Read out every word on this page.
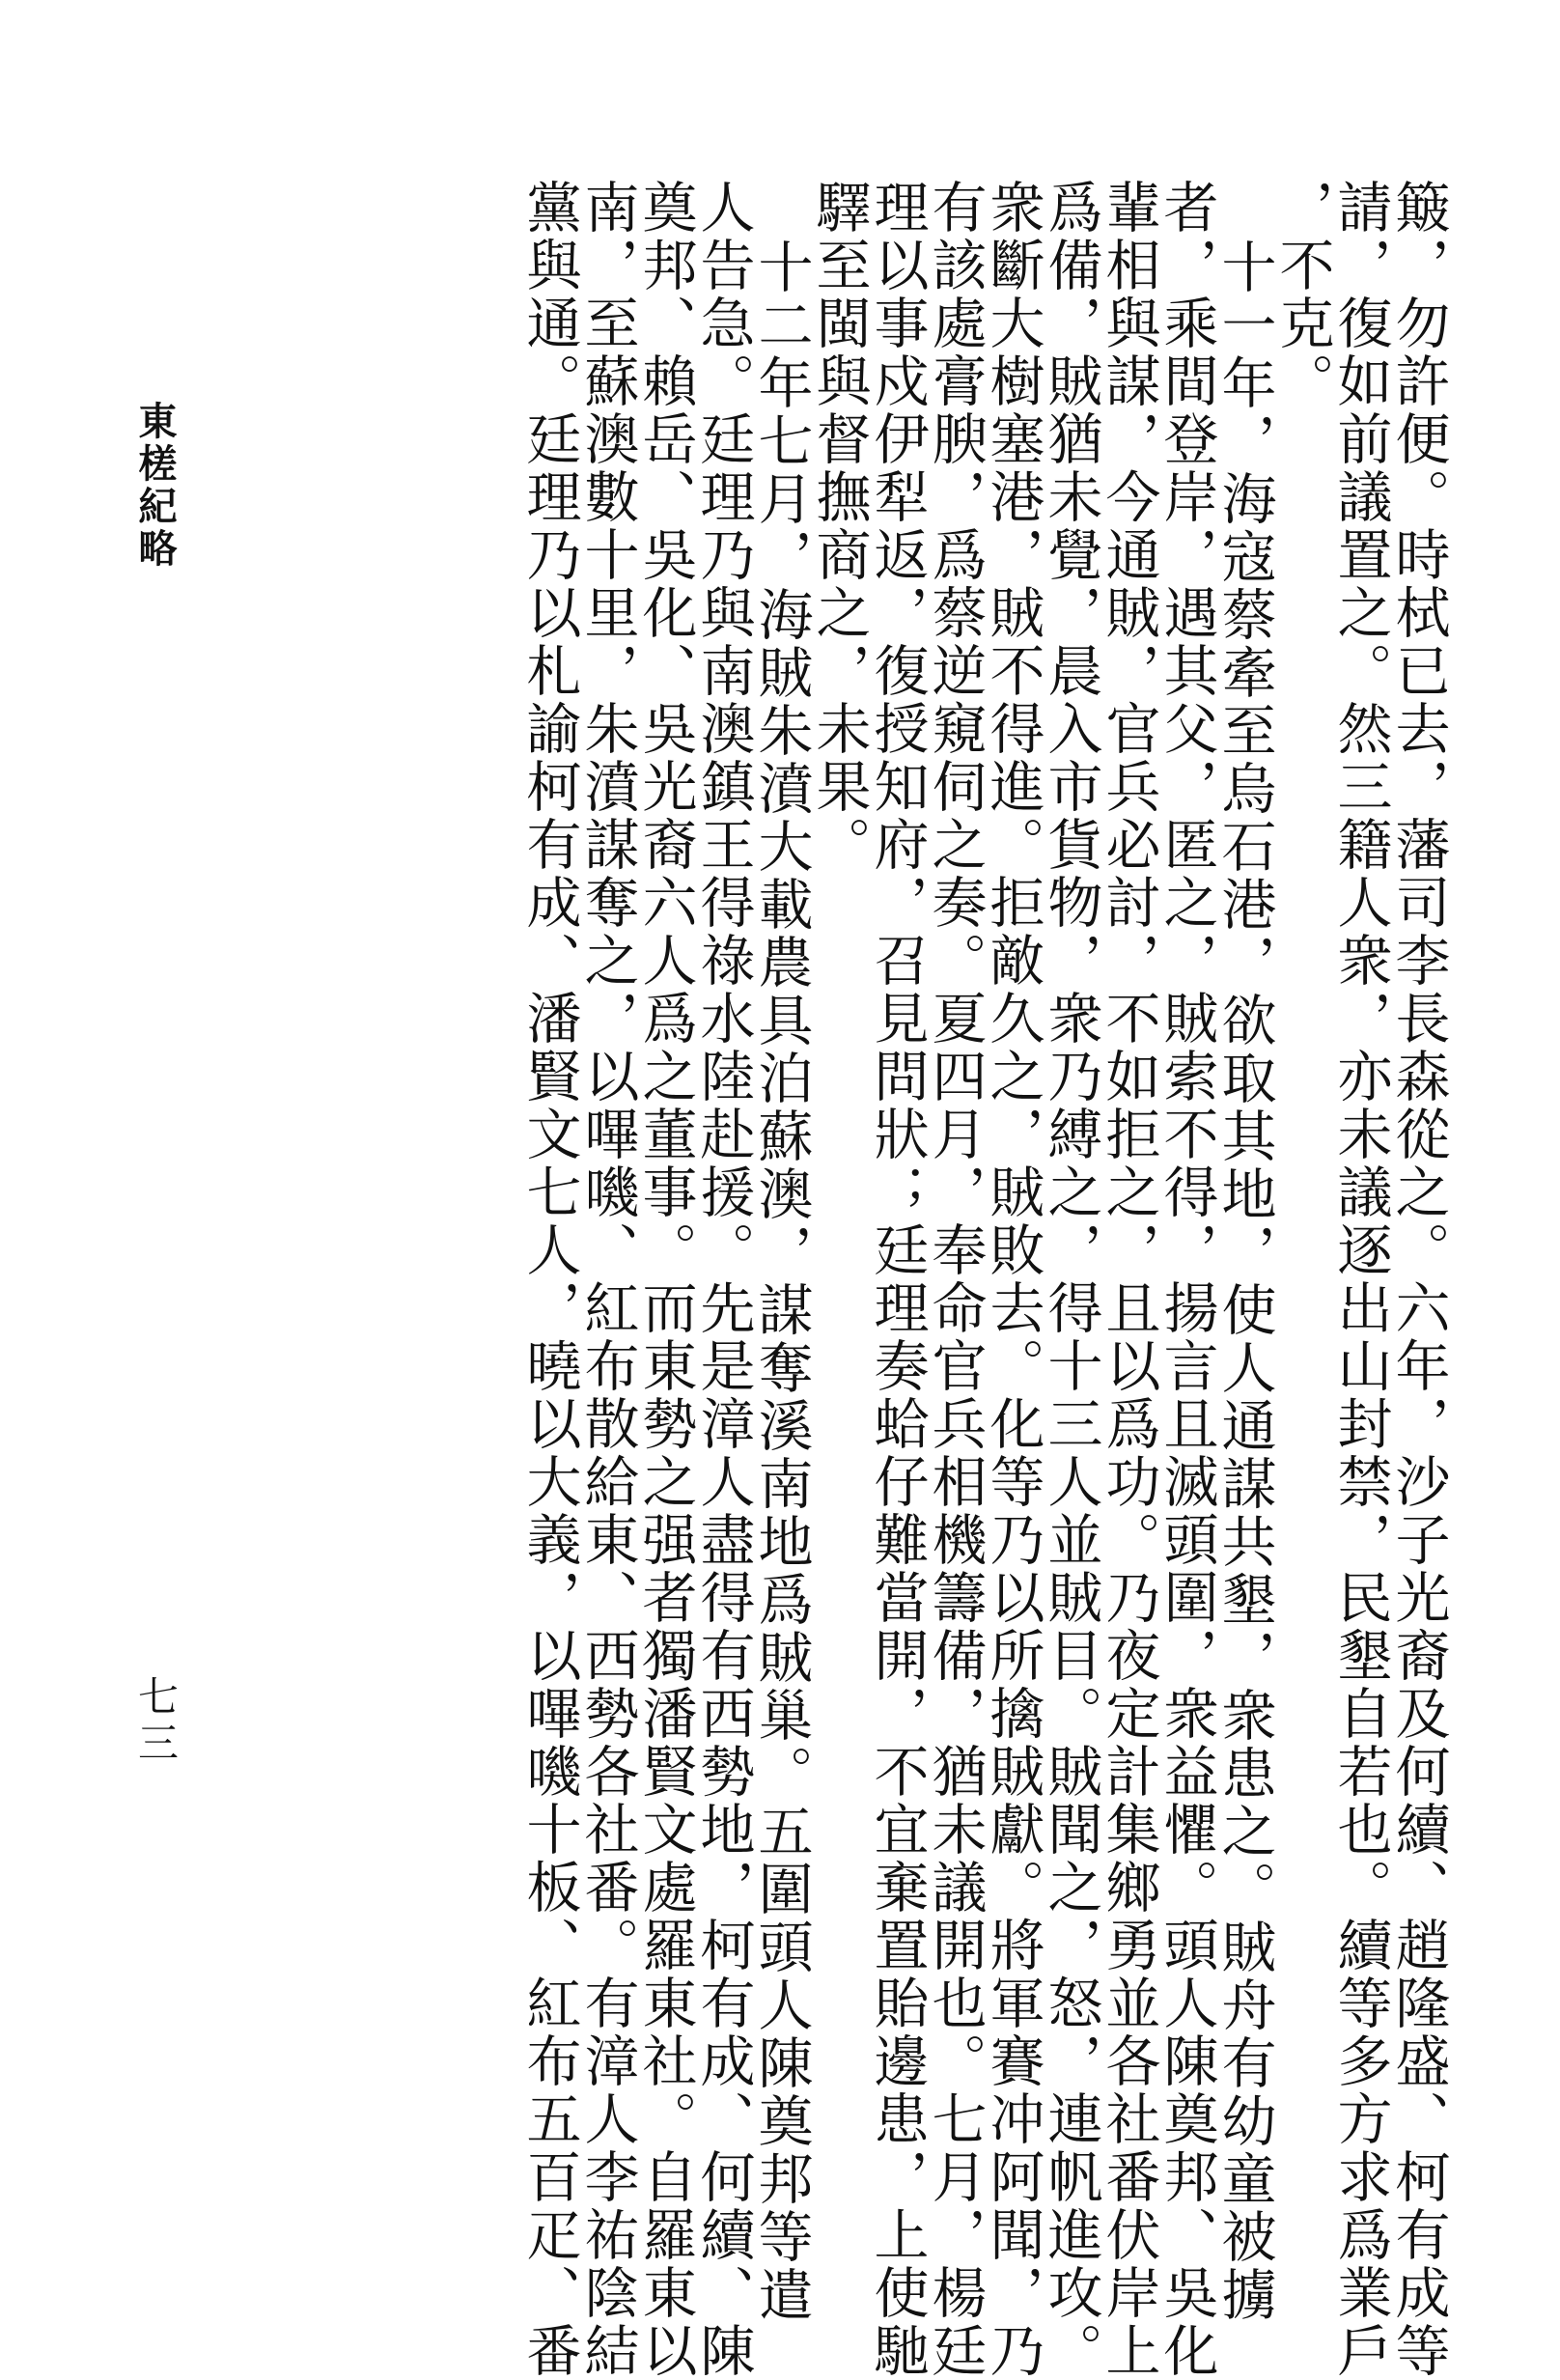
東槎紀略
七三	簸，勿許便。時栻已去，藩司李長森從之。六年，沙子光裔及何續、趙隆盛、柯有成等
請，復如前議置之。然三籍人衆，亦未議逐出山封禁，民墾自若也。續等多方求爲業戶
，不克。
十一年，海寇蔡牽至烏石港，欲取其地，使人通謀共墾，衆患之。賊舟有幼童被擄
者，乘間登岸，遇其父，匿之，賊索不得，揚言且滅頭圍，衆益懼。頭人陳奠邦、吳化
輩相與謀，今通賊，官兵必討，不如拒之，且以爲功。乃夜定計集鄉勇並各社番伏岸上
爲備，賊猶未覺，晨入市貨物，衆乃縛之，得十三人並賊目。賊聞之，怒，連帆進攻。
衆斷大樹塞港，賊不得進。拒敵久之，賊敗去。化等乃以所擒賊獻。將軍賽冲阿聞，乃
有該處膏腴，爲蔡逆窺伺之奏。夏四月，奉命官兵相機籌備，猶未議開也。七月，楊廷
理以事戍伊犁返，復授知府，召見問狀；廷理奏蛤仔難當開，不宜棄置貽邊患，上使馳
驛至閩與督撫商之，未果。
十二年七月，海賊朱濆大載農具泊蘇澳，謀奪溪南地爲賊巢。五圍頭人陳奠邦等遣
人告急。廷理乃與南澳鎮王得祿水陸赴援。先是漳人盡得有西勢地，柯有成、何續、陳
奠邦、賴岳、吳化、吳光裔六人爲之董事。而東勢之强者獨潘賢文處羅東社。自羅東以
南，至蘇澳數十里，朱濆謀奪之，以嗶嘰、紅布散給東、西勢各社番。有漳人李祐陰結
黨與通。廷理乃以札諭柯有成、潘賢文七人，曉以大義，以嗶嘰十板、紅布五百疋、番
